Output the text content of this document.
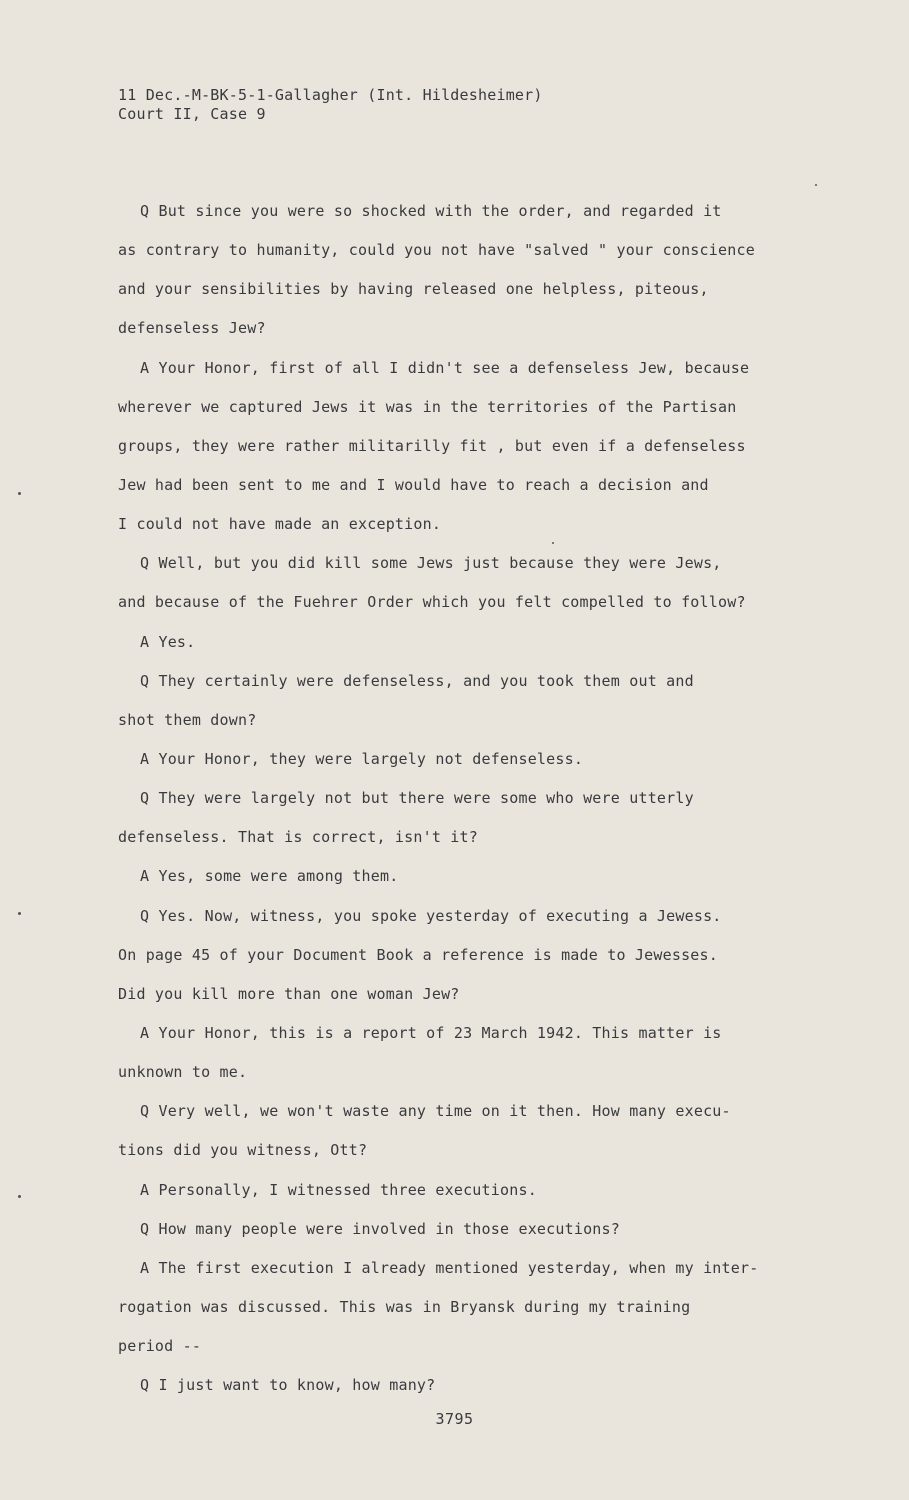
11 Dec.-M-BK-5-1-Gallagher (Int. Hildesheimer)
Court II, Case 9
Q But since you were so shocked with the order, and regarded it
as contrary to humanity, could you not have "salved " your conscience
and your sensibilities by having released one helpless, piteous,
defenseless Jew?
A Your Honor, first of all I didn't see a defenseless Jew, because
wherever we captured Jews it was in the territories of the Partisan
groups, they were rather militarilly fit , but even if a defenseless
Jew had been sent to me and I would have to reach a decision and
I could not have made an exception.
Q Well, but you did kill some Jews just because they were Jews,
and because of the Fuehrer Order which you felt compelled to follow?
A Yes.
Q They certainly were defenseless, and you took them out and
shot them down?
A Your Honor, they were largely not defenseless.
Q They were largely not but there were some who were utterly
defenseless. That is correct, isn't it?
A Yes, some were among them.
Q Yes. Now, witness, you spoke yesterday of executing a Jewess.
On page 45 of your Document Book a reference is made to Jewesses.
Did you kill more than one woman Jew?
A Your Honor, this is a report of 23 March 1942. This matter is
unknown to me.
Q Very well, we won't waste any time on it then. How many execu-
tions did you witness, Ott?
A Personally, I witnessed three executions.
Q How many people were involved in those executions?
A The first execution I already mentioned yesterday, when my inter-
rogation was discussed. This was in Bryansk during my training
period --
Q I just want to know, how many?
3795
